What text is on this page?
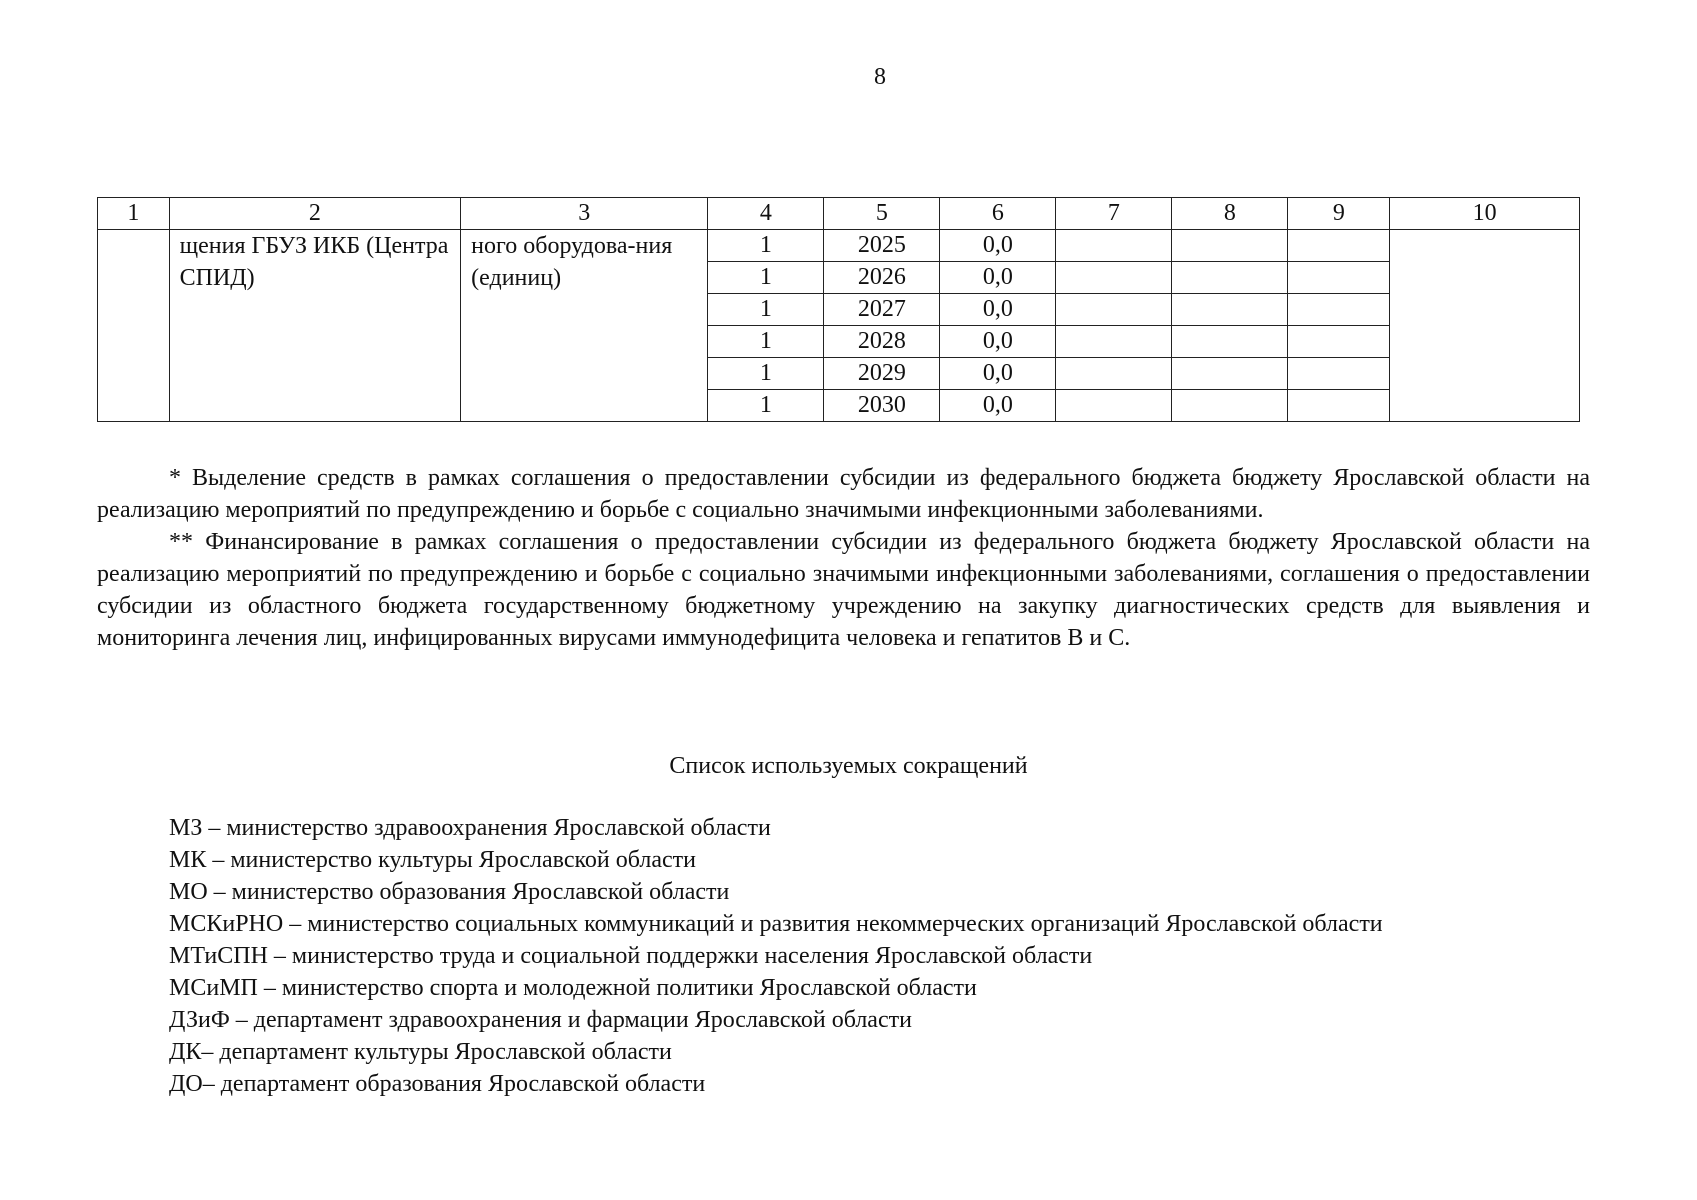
8
1	2	3	4	5	6	7	8	9	10
	щения ГБУЗ ИКБ (Центра СПИД)	ного оборудова-ния (единиц)	1	2025	0,0				
			1	2026	0,0				
			1	2027	0,0				
			1	2028	0,0				
			1	2029	0,0				
			1	2030	0,0				

* Выделение средств в рамках соглашения о предоставлении субсидии из федерального бюджета бюджету Ярославской области на реализацию мероприятий по предупреждению и борьбе с социально значимыми инфекционными заболеваниями.

** Финансирование в рамках соглашения о предоставлении субсидии из федерального бюджета бюджету Ярославской области на реализацию мероприятий по предупреждению и борьбе с социально значимыми инфекционными заболеваниями, соглашения о предоставлении субсидии из областного бюджета государственному бюджетному учреждению на закупку диагностических средств для выявления и мониторинга лечения лиц, инфицированных вирусами иммунодефицита человека и гепатитов В и С.

Список используемых сокращений

МЗ – министерство здравоохранения Ярославской области

МК – министерство культуры Ярославской области

МО – министерство образования Ярославской области

МСКиРНО – министерство социальных коммуникаций и развития некоммерческих организаций Ярославской области

МТиСПН – министерство труда и социальной поддержки населения Ярославской области

МСиМП – министерство спорта и молодежной политики Ярославской области

ДЗиФ – департамент здравоохранения и фармации Ярославской области

ДК– департамент культуры Ярославской области

ДО– департамент образования Ярославской области
